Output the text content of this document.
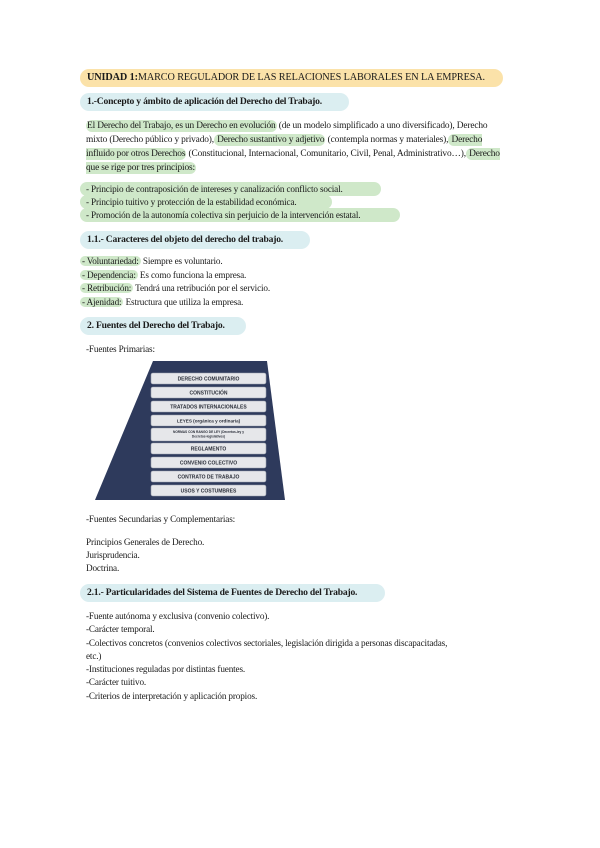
UNIDAD 1:MARCO REGULADOR DE LAS RELACIONES LABORALES EN LA EMPRESA.
1.-Concepto y ámbito de aplicación del Derecho del Trabajo.
El Derecho del Trabajo, es un Derecho en evolución (de un modelo simplificado a uno diversificado), Derecho mixto (Derecho público y privado), Derecho sustantivo y adjetivo (contempla normas y materiales), Derecho influido por otros Derechos (Constitucional, Internacional, Comunitario, Civil, Penal, Administrativo…), Derecho que se rige por tres principios:
- Principio de contraposición de intereses y canalización conflicto social.
- Principio tuitivo y protección de la estabilidad económica.
- Promoción de la autonomía colectiva sin perjuicio de la intervención estatal.
1.1.- Caracteres del objeto del derecho del trabajo.
- Voluntariedad: Siempre es voluntario.
- Dependencia: Es como funciona la empresa.
- Retribución: Tendrá una retribución por el servicio.
- Ajenidad: Estructura que utiliza la empresa.
2. Fuentes del Derecho del Trabajo.
-Fuentes Primarias:
DERECHO COMUNITARIO
CONSTITUCIÓN
TRATADOS INTERNACIONALES
LEYES (orgánica y ordinaria)
NORMAS CON RANGO DE LEY (Decretos-ley y Decretos-legislativos)
REGLAMENTO
CONVENIO COLECTIVO
CONTRATO DE TRABAJO
USOS Y COSTUMBRES
-Fuentes Secundarias y Complementarias:
Principios Generales de Derecho.
Jurisprudencia.
Doctrina.
2.1.- Particularidades del Sistema de Fuentes de Derecho del Trabajo.
-Fuente autónoma y exclusiva (convenio colectivo).
-Carácter temporal.
-Colectivos concretos (convenios colectivos sectoriales, legislación dirigida a personas discapacitadas,
etc.)
-Instituciones reguladas por distintas fuentes.
-Carácter tuitivo.
-Criterios de interpretación y aplicación propios.
